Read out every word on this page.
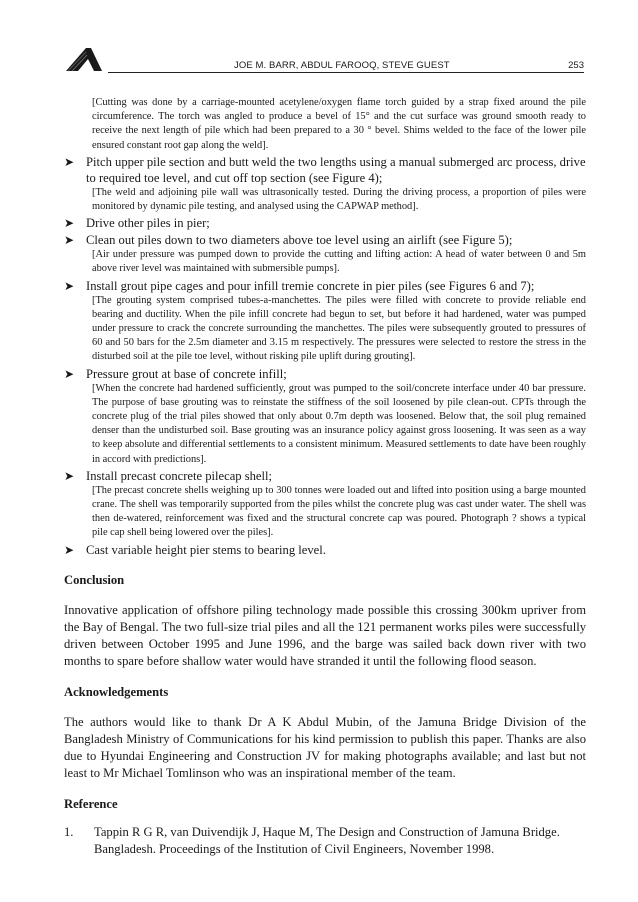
JOE M. BARR, ABDUL FAROOQ, STEVE GUEST	253

[Cutting was done by a carriage-mounted acetylene/oxygen flame torch guided by a strap fixed around the pile circumference. The torch was angled to produce a bevel of 15° and the cut surface was ground smooth ready to receive the next length of pile which had been prepared to a 30 ° bevel. Shims welded to the face of the lower pile ensured constant root gap along the weld].

➤ Pitch upper pile section and butt weld the two lengths using a manual submerged arc process, drive to required toe level, and cut off top section (see Figure 4);

[The weld and adjoining pile wall was ultrasonically tested. During the driving process, a proportion of piles were monitored by dynamic pile testing, and analysed using the CAPWAP method].

➤ Drive other piles in pier;
➤ Clean out piles down to two diameters above toe level using an airlift (see Figure 5);

[Air under pressure was pumped down to provide the cutting and lifting action: A head of water between 0 and 5m above river level was maintained with submersible pumps].

➤ Install grout pipe cages and pour infill tremie concrete in pier piles (see Figures 6 and 7);

[The grouting system comprised tubes-a-manchettes. The piles were filled with concrete to provide reliable end bearing and ductility. When the pile infill concrete had begun to set, but before it had hardened, water was pumped under pressure to crack the concrete surrounding the manchettes. The piles were subsequently grouted to pressures of 60 and 50 bars for the 2.5m diameter and 3.15 m respectively. The pressures were selected to restore the stress in the disturbed soil at the pile toe level, without risking pile uplift during grouting].

➤ Pressure grout at base of concrete infill;

[When the concrete had hardened sufficiently, grout was pumped to the soil/concrete interface under 40 bar pressure. The purpose of base grouting was to reinstate the stiffness of the soil loosened by pile clean-out. CPTs through the concrete plug of the trial piles showed that only about 0.7m depth was loosened. Below that, the soil plug remained denser than the undisturbed soil. Base grouting was an insurance policy against gross loosening. It was seen as a way to keep absolute and differential settlements to a consistent minimum. Measured settlements to date have been roughly in accord with predictions].

➤ Install precast concrete pilecap shell;

[The precast concrete shells weighing up to 300 tonnes were loaded out and lifted into position using a barge mounted crane. The shell was temporarily supported from the piles whilst the concrete plug was cast under water. The shell was then de-watered, reinforcement was fixed and the structural concrete cap was poured. Photograph ? shows a typical pile cap shell being lowered over the piles].

➤ Cast variable height pier stems to bearing level.
Conclusion

Innovative application of offshore piling technology made possible this crossing 300km upriver from the Bay of Bengal. The two full-size trial piles and all the 121 permanent works piles were successfully driven between October 1995 and June 1996, and the barge was sailed back down river with two months to spare before shallow water would have stranded it until the following flood season.

Acknowledgements

The authors would like to thank Dr A K Abdul Mubin, of the Jamuna Bridge Division of the Bangladesh Ministry of Communications for his kind permission to publish this paper. Thanks are also due to Hyundai Engineering and Construction JV for making photographs available; and last but not least to Mr Michael Tomlinson who was an inspirational member of the team.

Reference
1. Tappin R G R, van Duivendijk J, Haque M, The Design and Construction of Jamuna Bridge. Bangladesh. Proceedings of the Institution of Civil Engineers, November 1998.
